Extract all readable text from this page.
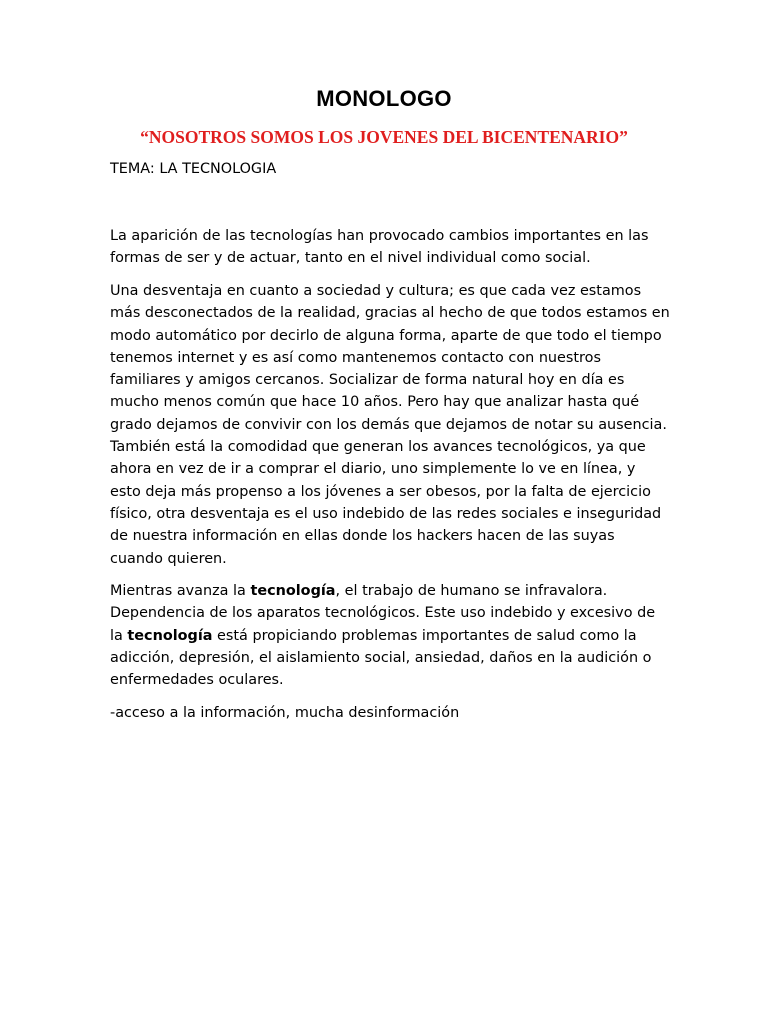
MONOLOGO
“NOSOTROS SOMOS LOS JOVENES DEL BICENTENARIO”
TEMA: LA TECNOLOGIA

La aparición de las tecnologías han provocado cambios importantes en las formas de ser y de actuar, tanto en el nivel individual como social.

Una desventaja en cuanto a sociedad y cultura; es que cada vez estamos más desconectados de la realidad, gracias al hecho de que todos estamos en modo automático por decirlo de alguna forma, aparte de que todo el tiempo tenemos internet y es así como mantenemos contacto con nuestros familiares y amigos cercanos. Socializar de forma natural hoy en día es mucho menos común que hace 10 años. Pero hay que analizar hasta qué grado dejamos de convivir con los demás que dejamos de notar su ausencia. También está la comodidad que generan los avances tecnológicos, ya que ahora en vez de ir a comprar el diario, uno simplemente lo ve en línea, y esto deja más propenso a los jóvenes a ser obesos, por la falta de ejercicio físico, otra desventaja es el uso indebido de las redes sociales e inseguridad de nuestra información en ellas donde los hackers hacen de las suyas cuando quieren.

Mientras avanza la tecnología, el trabajo de humano se infravalora. Dependencia de los aparatos tecnológicos. Este uso indebido y excesivo de la tecnología está propiciando problemas importantes de salud como la adicción, depresión, el aislamiento social, ansiedad, daños en la audición o enfermedades oculares.

-acceso a la información, mucha desinformación
